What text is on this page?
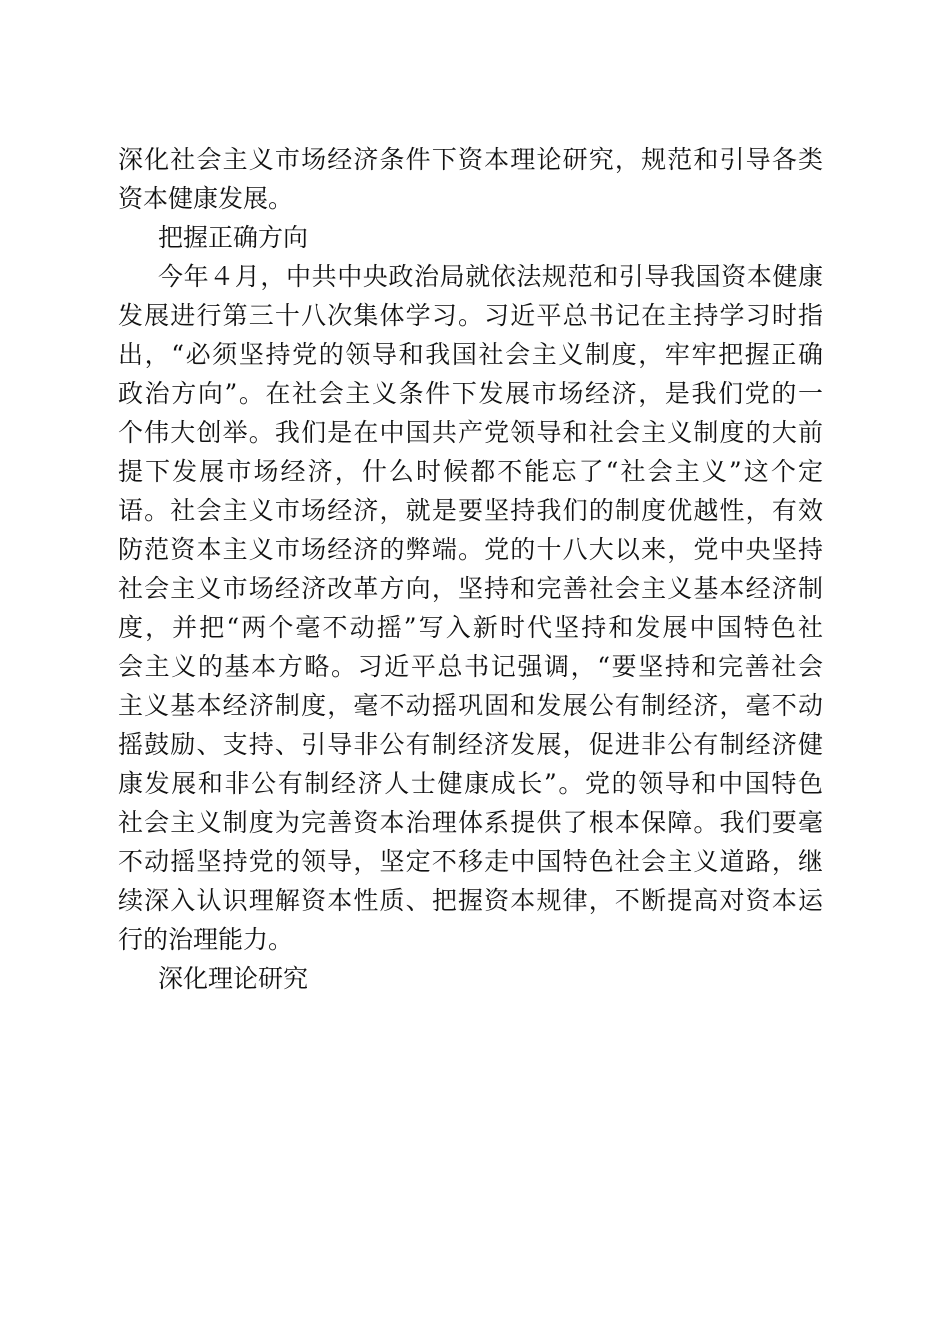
深化社会主义市场经济条件下资本理论研究，规范和引导各类
资本健康发展。
把握正确方向
今年４月，中共中央政治局就依法规范和引导我国资本健康
发展进行第三十八次集体学习。习近平总书记在主持学习时指
出，“必须坚持党的领导和我国社会主义制度，牢牢把握正确
政治方向”。在社会主义条件下发展市场经济，是我们党的一
个伟大创举。我们是在中国共产党领导和社会主义制度的大前
提下发展市场经济，什么时候都不能忘了“社会主义”这个定
语。社会主义市场经济，就是要坚持我们的制度优越性，有效
防范资本主义市场经济的弊端。党的十八大以来，党中央坚持
社会主义市场经济改革方向，坚持和完善社会主义基本经济制
度，并把“两个毫不动摇”写入新时代坚持和发展中国特色社
会主义的基本方略。习近平总书记强调，“要坚持和完善社会
主义基本经济制度，毫不动摇巩固和发展公有制经济，毫不动
摇鼓励、支持、引导非公有制经济发展，促进非公有制经济健
康发展和非公有制经济人士健康成长”。党的领导和中国特色
社会主义制度为完善资本治理体系提供了根本保障。我们要毫
不动摇坚持党的领导，坚定不移走中国特色社会主义道路，继
续深入认识理解资本性质、把握资本规律，不断提高对资本运
行的治理能力。
深化理论研究
